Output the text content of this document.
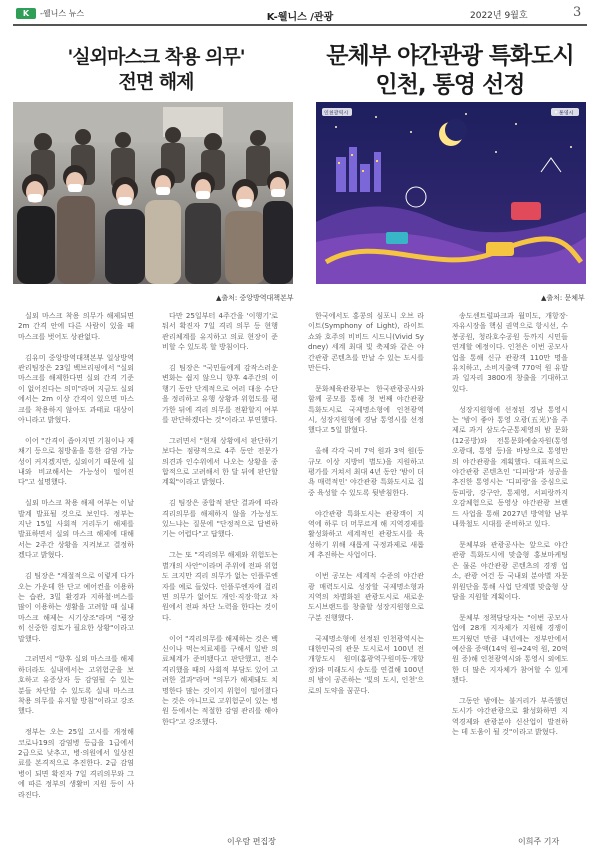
K	-웰니스 뉴스	K-웰니스 /관광	2022년 9월호	3
'실외마스크 착용 의무'
전면 해제
문체부 야간관광 특화도시
인천, 통영 선정
인천광역시	통영시
▲출처: 중앙방역대책본부	▲출처: 문체부

실외 마스크 착용 의무가 해제되면 2m 간격 안에 다른 사람이 있을 때 마스크를 벗어도 상관없다.

김유미 중앙방역대책본부 일상방역관리팀장은 23일 백브리핑에서 "실외 마스크를 해제한다면 실외 간격 기준이 없어진다는 의미"라며 지금도 실외에서는 2m 이상 간격이 있으면 마스크를 착용하지 않아도 과태료 대상이 아니라고 밝혔다.

이어 "간격이 좁아지면 기침이나 재채기 등으로 침방울을 통한 감염 가능성이 커지겠지만, 실외이기 때문에 실내와 비교해서는 가능성이 떨어진다"고 설명했다.

실외 마스크 착용 해제 여부는 이날 발계 발표될 것으로 보인다. 정부는 지난 15일 사회적 거리두기 해제를 발표하면서 실외 마스크 해제에 대해서는 2주간 상황을 지켜보고 결정하겠다고 밝혔다.

김 팀장은 "계절적으로 이렇게 다가오는 가운데 한 단고 예어컨을 이용하는 습관, 3밀 환경과 지하철·버스를 많이 이용하는 생활을 고려할 때 실내마스크 해제는 시기상조"라며 "굉장히 신중한 검토가 필요한 상황"이라고 말했다.

그러면서 "향후 실외 마스크를 해제하더라도 실내에서는 고위험군을 보호하고 유증상자 등 감염될 수 있는 분들 차단할 수 있도록 실내 마스크 착용 의무를 유지할 방침"이라고 강조했다.

정부는 오는 25일 고시를 개정해 코로나19의 감염병 등급을 1급에서 2급으로 낮추고, 병·의원에서 일상진료를 본격적으로 추진한다. 2급 감염병이 되면 확진자 7일 격리의무와 그에 따른 정부의 생활비 지원 등이 사라진다.

다만 25일부터 4주간을 '이행기'로 둬서 확진자 7일 격리 의무 등 현행 관리체계를 유지하고 의료 현장이 준비할 수 있도록 할 방침이다.

김 팀장은 "국민들에게 감작스러운 변화는 쉽지 않으니 향후 4주간의 이행기 동안 단계적으로 여러 대응 수단을 정리하고 유행 상황과 위험도를 평가한 뒤에 격리 의무를 전환할지 여부를 판단하겠다는 것"이라고 부연했다.

그러면서 "현재 상황에서 판단하기보다는 점량적으로 4주 동안 전문가 의견과 인수위에서 나오는 상황을 종합적으로 고려해서 한 달 뒤에 판단할 계획"이라고 밝혔다.

김 팀장은 종합적 판단 결과에 따라 격리의무를 해제하지 않을 가능성도 있느냐는 질문에 "단정적으로 답변하기는 어렵다"고 답했다.

그는 또 "격리의무 해제와 위험도는 별개의 사안"이라며 주위에 전파 위험도 크지만 격리 의무가 없는 인플루엔자를 예로 들었다. 인플루엔자에 걸리면 의무가 없어도 개인·직장·학교 차원에서 전파 차단 노력을 한다는 것이다.

이어 "격리의무를 해제하는 것은 백신이나 먹는치료제를 구해서 일반 의료체계가 준비됐다고 판단했고, 전수 격리했을 때의 사회적 부담도 있어 고려한 결과"라며 "의무가 해제돼도 치명한다 많는 것이지 위험이 떨어졌다는 것은 아니므로 고위험군이 있는 병원 등에서는 적절한 감염 관리를 해야 한다"고 강조했다.

한국에서도 홍콩의 심포니 오브 라이트(Symphony of Light), 라이트 쇼와 호주의 비비드 시드니(Vivid Sydney) 세계 최대 빛 축제와 같은 야간관광 콘텐츠를 만날 수 있는 도시를 만든다.

문화체육관광부는 한국관광공사와 함께 공모를 통해 첫 번째 야간관광 특화도시로 국제명소형에 인천광역시, 성장지원형에 경남 통영시를 선정했다고 5일 밝혔다.

올해 각각 국비 7억 원과 3억 원(등 규모 이상 지방비 별도)을 지원하고 평가를 거쳐서 최대 4년 동안 '밤이 더 욕 매력적인' 야간관광 특화도시로 집중 육성할 수 있도록 뒷받침한다.

야간관광 특화도시는 관광객이 지역에 하루 더 머무르게 해 지역경제를 활성화하고 세계적인 관광도시를 육성하기 위해 새롭게 국정과제로 새롭게 추진하는 사업이다.

이번 공모는 세계적 수준의 야간관광 매력도시로 성장할 국제명소형과 지역의 차별화된 관광도시로 새로운 도시브랜드를 창출할 성장지원형으로 구분 진행했다.

국제명소형에 선정된 인천광역시는 대한민국의 관문 도시로서 100년 전 개항도시 원미(홈광역구원미동·개항장)와 미래도시 송도를 연결해 100년의 밤이 공존하는 '빛의 도시, 인천'으로의 도약을 꿈꾼다.

송도센트럴파크과 월미도, 개항장·자유시장을 핵심 권역으로 항시선, 수봉공원, 청라호수공원 등까지 시민들 연계할 예정이다. 인천은 이번 공모사업을 통해 신규 관광객 110만 명을 유치하고, 소비지출액 770억 원 유발과 일자리 3800개 창출을 기대하고 있다.

성장지원형에 선정된 경남 통영시는 '밤이 좋아 통영 오광(五光)'을 주제로 과거 삼도수군통제영의 밤 문화(12공방)와 전통문화예술자원(통영 오광대, 통영 등)을 바탕으로 통영만의 야간관광을 계획했다. 대표적으로 야간관광 콘텐츠인 '디피랑'과 성공을 추진한 통영시는 '디피랑'을 중심으로 동피랑, 강구안, 통제영, 서피랑까지 오감체험으로 동영상 야간관광 브랜드 사업을 통해 2027년 방역할 남부내륙철도 시대를 준비하고 있다.

문체부와 관광공사는 앞으로 야간관광 특화도시에 맞춤형 홍보마케팅은 물론 야간관광 콘텐츠의 경쟁 업소, 관광 여건 등 국내외 분야별 자문위원단을 통해 사업 단계별 맞춤형 상담을 지원할 계획이다.

문체부 정책담당자는 "이번 공모사업에 28개 지자체가 지원해 경쟁이 뜨거웠던 만큼 내년에는 정부안에서 예산을 증액(14억 원→24억 원, 20억 원 증)해 인천광역시와 통영시 외에도 한 더 많은 지자체가 참여할 수 있게 됐다.

그동안 밤에는 불거리가 부족했던 도시가 야간관광으로 활성화하면 지역경제와 관광분야 신산업이 발전하는 데 도움이 될 것"이라고 밝혔다.

이우람 편집장	이희주 기자
